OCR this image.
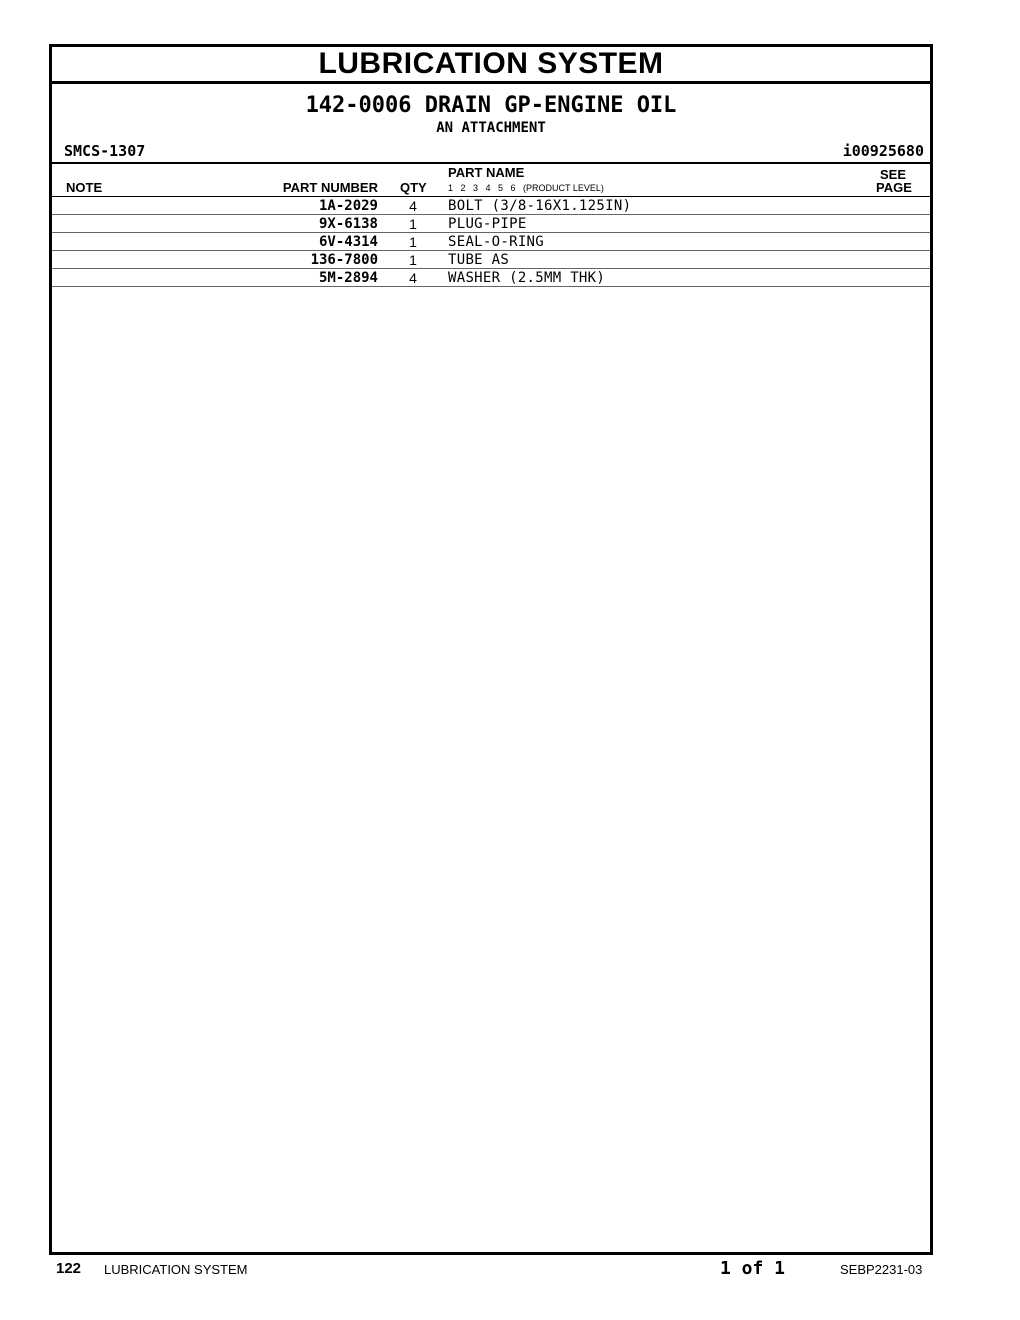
LUBRICATION SYSTEM
142-0006 DRAIN GP-ENGINE OIL
AN ATTACHMENT
SMCS-1307	i00925680
NOTE	PART NUMBER QTY
PART NAME
1   2   3   4   5   6   (PRODUCT LEVEL)
SEE
PAGE
1A-2029 4 BOLT (3/8-16X1.125IN)
9X-6138 1 PLUG-PIPE
6V-4314 1 SEAL-O-RING
136-7800 1 TUBE AS
5M-2894 4 WASHER (2.5MM THK)
122 LUBRICATION SYSTEM	1 of 1	SEBP2231-03
